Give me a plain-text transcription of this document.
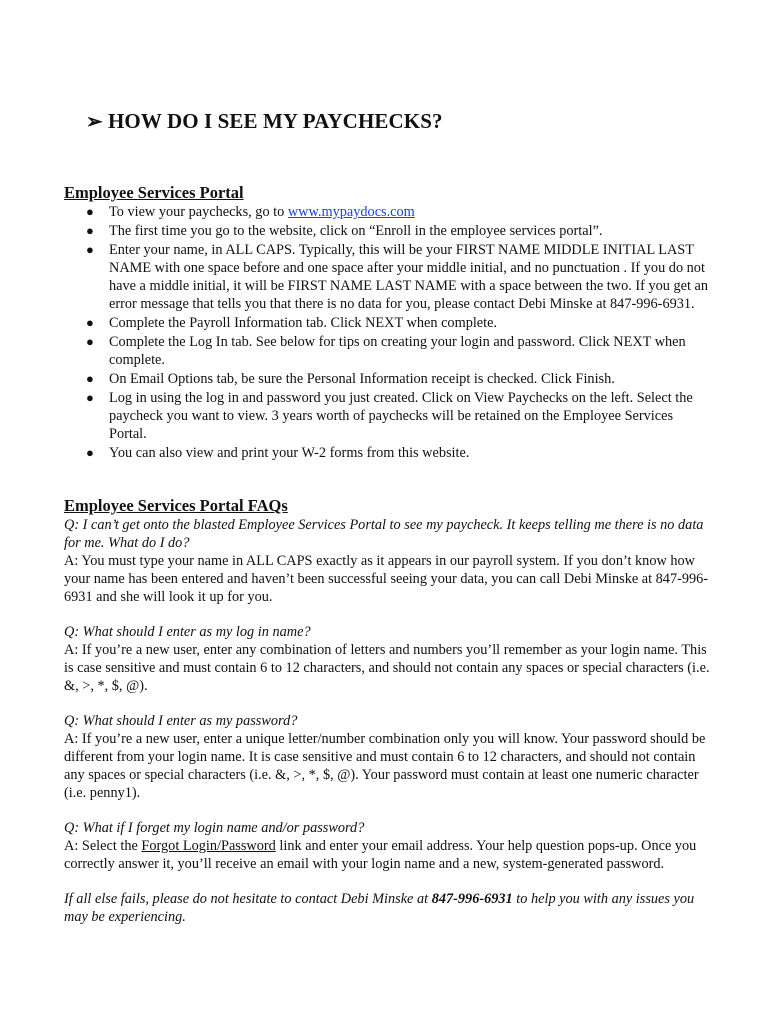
➢ HOW DO I SEE MY PAYCHECKS?
Employee Services Portal
● To view your paychecks, go to www.mypaydocs.com
● The first time you go to the website, click on “Enroll in the employee services portal”.
● Enter your name, in ALL CAPS. Typically, this will be your FIRST NAME MIDDLE INITIAL LAST NAME with one space before and one space after your middle initial, and no punctuation . If you do not have a middle initial, it will be FIRST NAME LAST NAME with a space between the two. If you get an error message that tells you that there is no data for you, please contact Debi Minske at 847-996-6931.
● Complete the Payroll Information tab. Click NEXT when complete.
● Complete the Log In tab. See below for tips on creating your login and password. Click NEXT when complete.
● On Email Options tab, be sure the Personal Information receipt is checked. Click Finish.
● Log in using the log in and password you just created. Click on View Paychecks on the left. Select the paycheck you want to view. 3 years worth of paychecks will be retained on the Employee Services Portal.
● You can also view and print your W-2 forms from this website.
Employee Services Portal FAQs

Q: I can’t get onto the blasted Employee Services Portal to see my paycheck. It keeps telling me there is no data for me. What do I do?

A: You must type your name in ALL CAPS exactly as it appears in our payroll system. If you don’t know how your name has been entered and haven’t been successful seeing your data, you can call Debi Minske at 847-996-6931 and she will look it up for you.

Q: What should I enter as my log in name?

A: If you’re a new user, enter any combination of letters and numbers you’ll remember as your login name. This is case sensitive and must contain 6 to 12 characters, and should not contain any spaces or special characters (i.e. &, >, *, $, @).

Q: What should I enter as my password?

A: If you’re a new user, enter a unique letter/number combination only you will know. Your password should be different from your login name. It is case sensitive and must contain 6 to 12 characters, and should not contain any spaces or special characters (i.e. &, >, *, $, @). Your password must contain at least one numeric character (i.e. penny1).

Q: What if I forget my login name and/or password?

A: Select the Forgot Login/Password link and enter your email address. Your help question pops-up. Once you correctly answer it, you’ll receive an email with your login name and a new, system-generated password.

If all else fails, please do not hesitate to contact Debi Minske at 847-996-6931 to help you with any issues you may be experiencing.
